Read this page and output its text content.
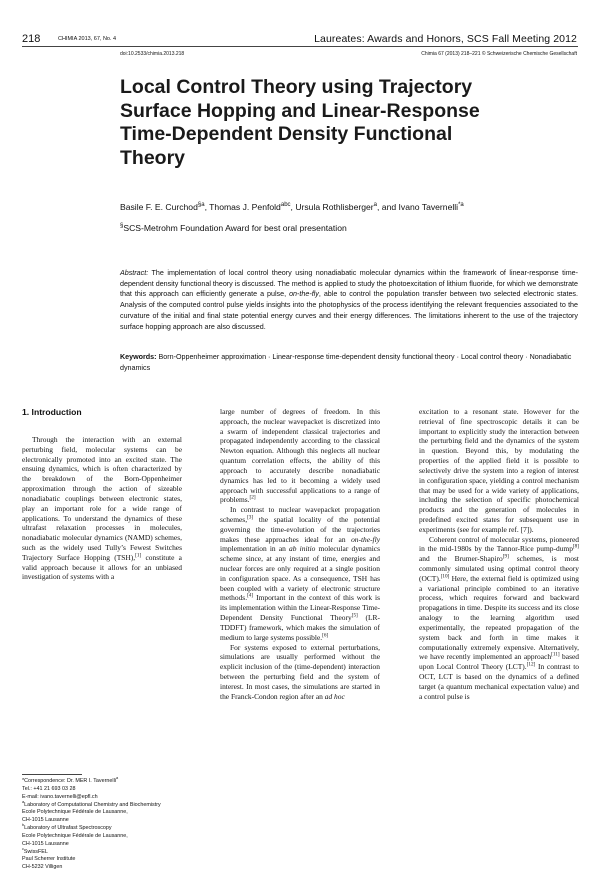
218	CHIMIA 2013, 67, No. 4	Laureates: Awards and Honors, SCS Fall Meeting 2012
doi:10.2533/chimia.2013.218	Chimia 67 (2013) 218–221 © Schweizerische Chemische Gesellschaft
Local Control Theory using Trajectory Surface Hopping and Linear-Response Time-Dependent Density Functional Theory
Basile F. E. Curchod$^{\S a}$, Thomas J. Penfold$^{abc}$, Ursula Rothlisberger$^a$, and Ivano Tavernelli$^{*a}$
§SCS-Metrohm Foundation Award for best oral presentation
Abstract: The implementation of local control theory using nonadiabatic molecular dynamics within the framework of linear-response time-dependent density functional theory is discussed. The method is applied to study the photoexcitation of lithium fluoride, for which we demonstrate that this approach can efficiently generate a pulse, on-the-fly, able to control the population transfer between two selected electronic states. Analysis of the computed control pulse yields insights into the photophysics of the process identifying the relevant frequencies associated to the curvature of the initial and final state potential energy curves and their energy differences. The limitations inherent to the use of the trajectory surface hopping approach are also discussed.
Keywords: Born-Oppenheimer approximation · Linear-response time-dependent density functional theory · Local control theory · Nonadiabatic dynamics
1. Introduction

Through the interaction with an external perturbing field, molecular systems can be electronically promoted into an excited state. The ensuing dynamics, which is often characterized by the breakdown of the Born-Oppenheimer approximation through the action of sizeable nonadiabatic couplings between electronic states, play an important role for a wide range of applications. To understand the dynamics of these ultrafast relaxation processes in molecules, nonadiabatic molecular dynamics (NAMD) schemes, such as the widely used Tully’s Fewest Switches Trajectory Surface Hopping (TSH),[1] constitute a valid approach because it allows for an unbiased investigation of systems with a

large number of degrees of freedom. In this approach, the nuclear wavepacket is discretized into a swarm of independent classical trajectories and propagated independently according to the classical Newton equation. Although this neglects all nuclear quantum correlation effects, the ability of this approach to accurately describe nonadiabatic dynamics has led to it becoming a widely used approach with successful applications to a range of problems.[2]

In contrast to nuclear wavepacket propagation schemes,[3] the spatial locality of the potential governing the time-evolution of the trajectories makes these approaches ideal for an on-the-fly implementation in an ab initio molecular dynamics scheme since, at any instant of time, energies and nuclear forces are only required at a single position in configuration space. As a consequence, TSH has been coupled with a variety of electronic structure methods.[4] Important in the context of this work is its implementation within the Linear-Response Time-Dependent Density Functional Theory[5] (LR-TDDFT) framework, which makes the simulation of medium to large systems possible.[6]

For systems exposed to external perturbations, simulations are usually performed without the explicit inclusion of the (time-dependent) interaction between the perturbing field and the system of interest. In most cases, the simulations are started in the Franck-Condon region after an ad hoc

excitation to a resonant state. However for the retrieval of fine spectroscopic details it can be important to explicitly study the interaction between the perturbing field and the dynamics of the system in question. Beyond this, by modulating the properties of the applied field it is possible to selectively drive the system into a region of interest in configuration space, yielding a control mechanism that may be used for a wide variety of applications, including the selection of specific photochemical products and the generation of molecules in predefined excited states for subsequent use in experiments (see for example ref. [7]).

Coherent control of molecular systems, pioneered in the mid-1980s by the Tannor-Rice pump-dump[8] and the Brumer-Shapiro[9] schemes, is most commonly simulated using optimal control theory (OCT).[10] Here, the external field is optimized using a variational principle combined to an iterative process, which requires forward and backward propagations in time. Despite its success and its close analogy to the learning algorithm used experimentally, the repeated propagation of the system back and forth in time makes it computationally extremely expensive. Alternatively, we have recently implemented an approach[11] based upon Local Control Theory (LCT).[12] In contrast to OCT, LCT is based on the dynamics of a defined target (a quantum mechanical expectation value) and a control pulse is

*Correspondence: Dr. MER I. Tavernelli$^a$
Tel.: +41 21 693 03 28
E-mail: ivano.tavernelli@epfl.ch
$^a$Laboratory of Computational Chemistry and Biochemistry
Ecole Polytechnique Fédérale de Lausanne,
CH-1015 Lausanne
$^b$Laboratory of Ultrafast Spectroscopy
Ecole Polytechnique Fédérale de Lausanne,
CH-1015 Lausanne
$^c$SwissFEL
Paul Scherrer Institute
CH-5232 Villigen
